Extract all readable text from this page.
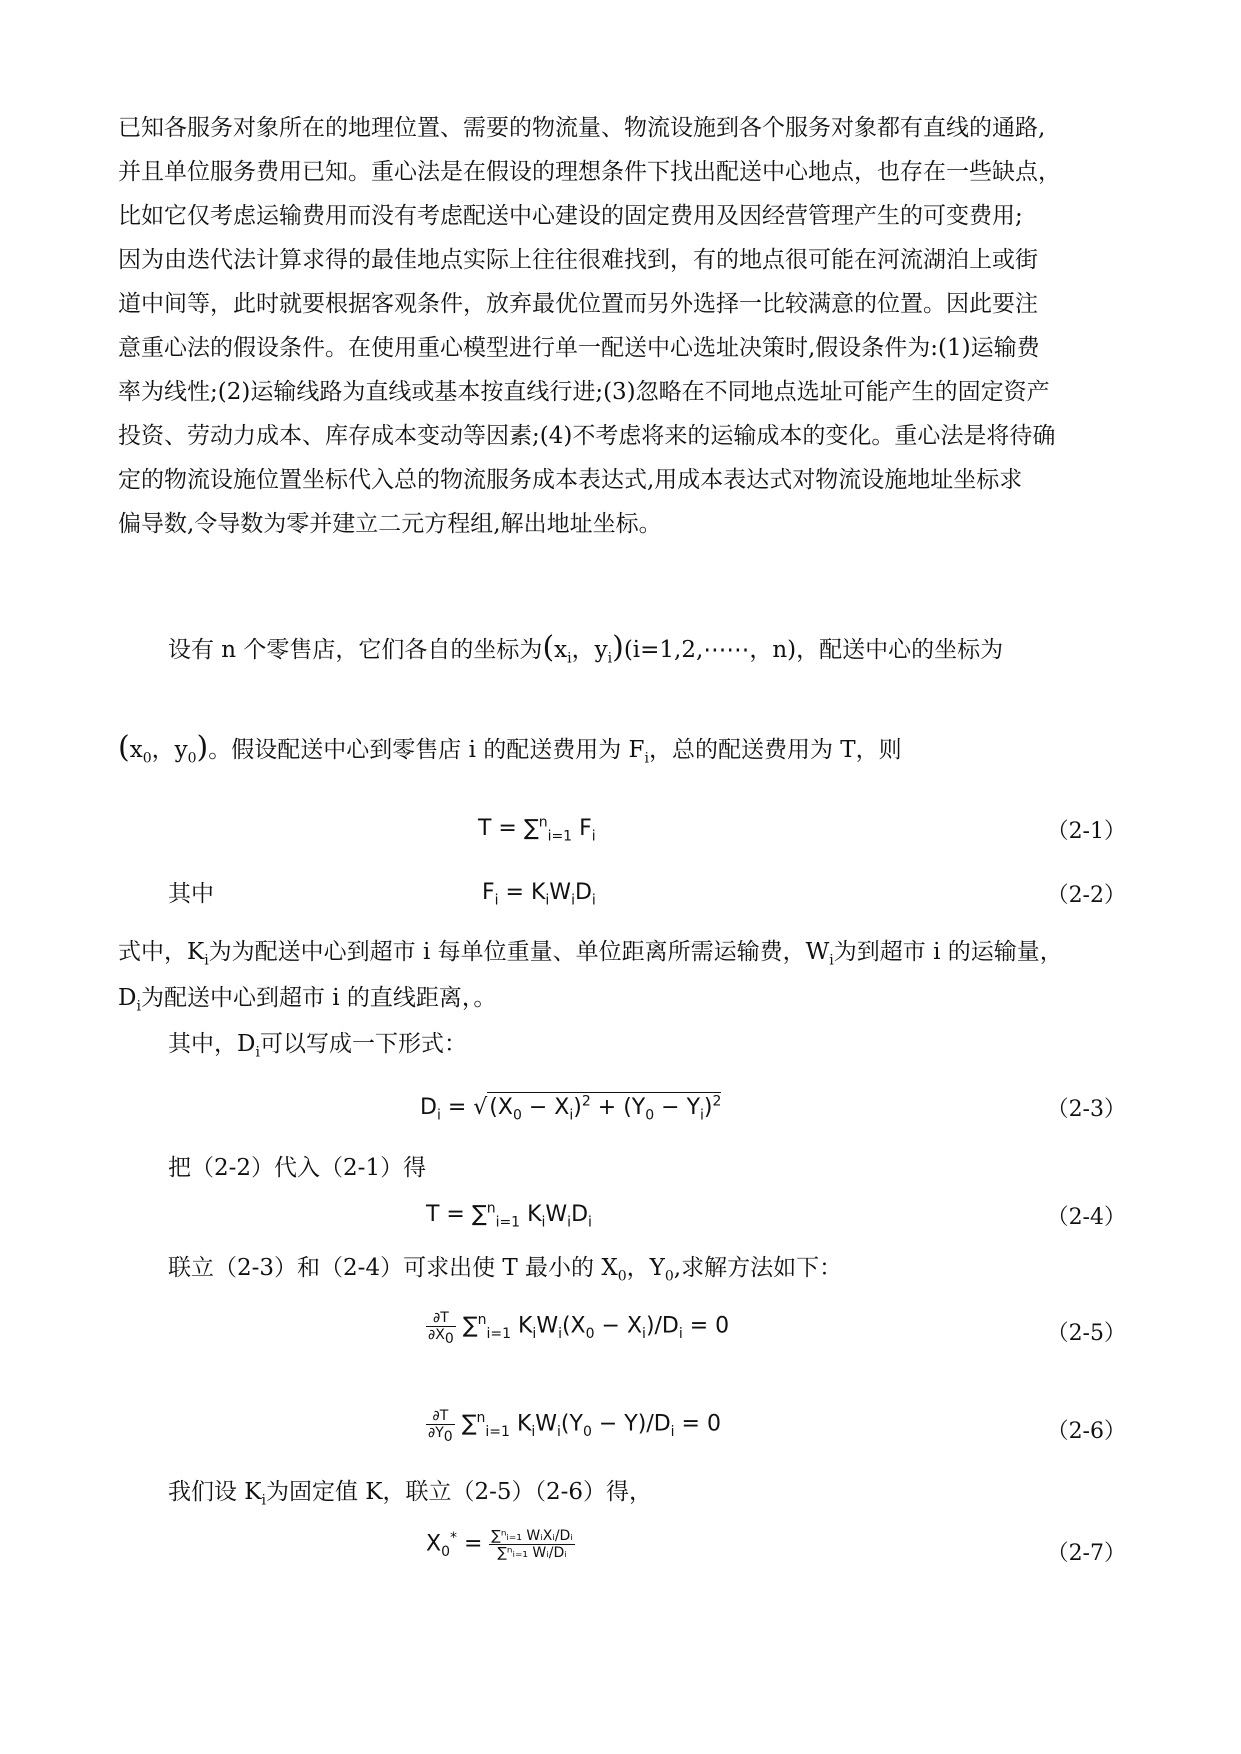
已知各服务对象所在的地理位置、需要的物流量、物流设施到各个服务对象都有直线的通路,
并且单位服务费用已知。重心法是在假设的理想条件下找出配送中心地点，也存在一些缺点，
比如它仅考虑运输费用而没有考虑配送中心建设的固定费用及因经营管理产生的可变费用;
因为由迭代法计算求得的最佳地点实际上往往很难找到，有的地点很可能在河流湖泊上或街
道中间等，此时就要根据客观条件，放弃最优位置而另外选择一比较满意的位置。因此要注
意重心法的假设条件。在使用重心模型进行单一配送中心选址决策时,假设条件为:(1)运输费
率为线性;(2)运输线路为直线或基本按直线行进;(3)忽略在不同地点选址可能产生的固定资产
投资、劳动力成本、库存成本变动等因素;(4)不考虑将来的运输成本的变化。重心法是将待确
定的物流设施位置坐标代入总的物流服务成本表达式,用成本表达式对物流设施地址坐标求
偏导数,令导数为零并建立二元方程组,解出地址坐标。
设有 n 个零售店，它们各自的坐标为($x_i$，$y_i)(i=1,2,\cdots\cdots$，n)，配送中心的坐标为
($x_0$，$y_0$)。假设配送中心到零售店 i 的配送费用为 $F_i$，总的配送费用为 T，则
T = ∑$^n_{i=1}$ $F_i$	（2-1）
其中	$F_i = K_iW_iD_i$	（2-2）
式中，$K_i$为为配送中心到超市 i 每单位重量、单位距离所需运输费，$W_i$为到超市 i 的运输量，
$D_i$为配送中心到超市 i 的直线距离，。
其中，$D_i$可以写成一下形式：
$D_i = √(X_0 - X_i)^2 + (Y_0 - Y_i)^2$	（2-3）
把（2-2）代入（2-1）得
T = ∑$^n_{i=1}$ $K_iW_iD_i$	（2-4）
联立（2-3）和（2-4）可求出使 T 最小的 $X_0$，$Y_0$,求解方法如下：
$\frac{\partial T}{\partial X_0} \sum^n_{i=1}$ $K_iW_i(X_0 - X_i)/D_i = 0$	（2-5）
$\frac{\partial T}{\partial Y_0} \sum^n_{i=1}$ $K_iW_i(Y_0 - Y)/D_i = 0$	（2-6）
我们设 $K_i$为固定值 K，联立（2-5）（2-6）得，
$X_0^* = \frac{\text{∑ⁿᵢ₌₁ WᵢXᵢ/Dᵢ}}{\text{∑ⁿᵢ₌₁ Wᵢ/Dᵢ}}$	（2-7）
